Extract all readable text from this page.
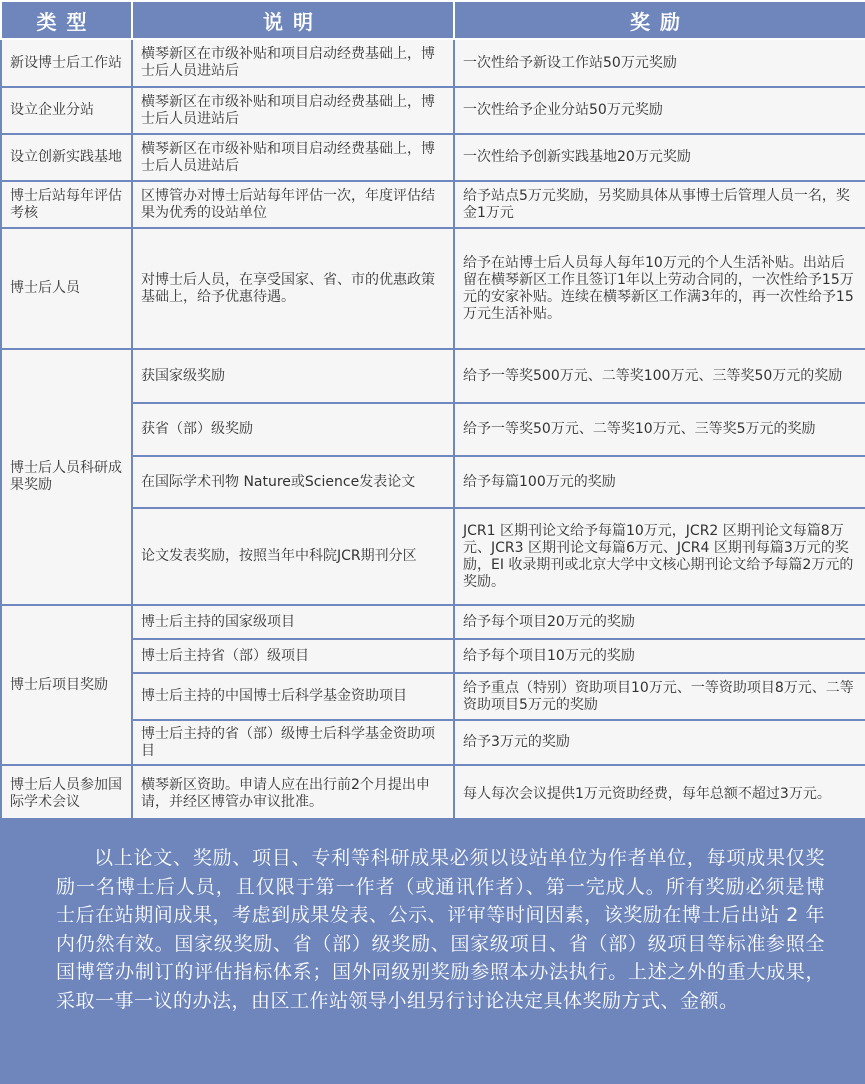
类型	说明	奖励
新设博士后工作站	横琴新区在市级补贴和项目启动经费基础上，博士后人员进站后	一次性给予新设工作站50万元奖励
设立企业分站	横琴新区在市级补贴和项目启动经费基础上，博士后人员进站后	一次性给予企业分站50万元奖励
设立创新实践基地	横琴新区在市级补贴和项目启动经费基础上，博士后人员进站后	一次性给予创新实践基地20万元奖励
博士后站每年评估考核	区博管办对博士后站每年评估一次，年度评估结果为优秀的设站单位	给予站点5万元奖励，另奖励具体从事博士后管理人员一名，奖金1万元
博士后人员	对博士后人员，在享受国家、省、市的优惠政策基础上，给予优惠待遇。	给予在站博士后人员每人每年10万元的个人生活补贴。出站后留在横琴新区工作且签订1年以上劳动合同的，一次性给予15万元的安家补贴。连续在横琴新区工作满3年的，再一次性给予15万元生活补贴。
博士后人员科研成果奖励	获国家级奖励	给予一等奖500万元、二等奖100万元、三等奖50万元的奖励
	获省（部）级奖励	给予一等奖50万元、二等奖10万元、三等奖5万元的奖励
	在国际学术刊物 Nature或Science发表论文	给予每篇100万元的奖励
	论文发表奖励，按照当年中科院JCR期刊分区	JCR1 区期刊论文给予每篇10万元，JCR2 区期刊论文每篇8万元、JCR3 区期刊论文每篇6万元、JCR4 区期刊每篇3万元的奖励，EI 收录期刊或北京大学中文核心期刊论文给予每篇2万元的奖励。
博士后项目奖励	博士后主持的国家级项目	给予每个项目20万元的奖励
	博士后主持省（部）级项目	给予每个项目10万元的奖励
	博士后主持的中国博士后科学基金资助项目	给予重点（特别）资助项目10万元、一等资助项目8万元、二等资助项目5万元的奖励
	博士后主持的省（部）级博士后科学基金资助项目	给予3万元的奖励
博士后人员参加国际学术会议	横琴新区资助。申请人应在出行前2个月提出申请，并经区博管办审议批准。	每人每次会议提供1万元资助经费，每年总额不超过3万元。
以上论文、奖励、项目、专利等科研成果必须以设站单位为作者单位，每项成果仅奖励一名博士后人员，且仅限于第一作者（或通讯作者）、第一完成人。所有奖励必须是博士后在站期间成果，考虑到成果发表、公示、评审等时间因素，该奖励在博士后出站 2 年内仍然有效。国家级奖励、省（部）级奖励、国家级项目、省（部）级项目等标准参照全国博管办制订的评估指标体系；国外同级别奖励参照本办法执行。上述之外的重大成果，采取一事一议的办法，由区工作站领导小组另行讨论决定具体奖励方式、金额。
